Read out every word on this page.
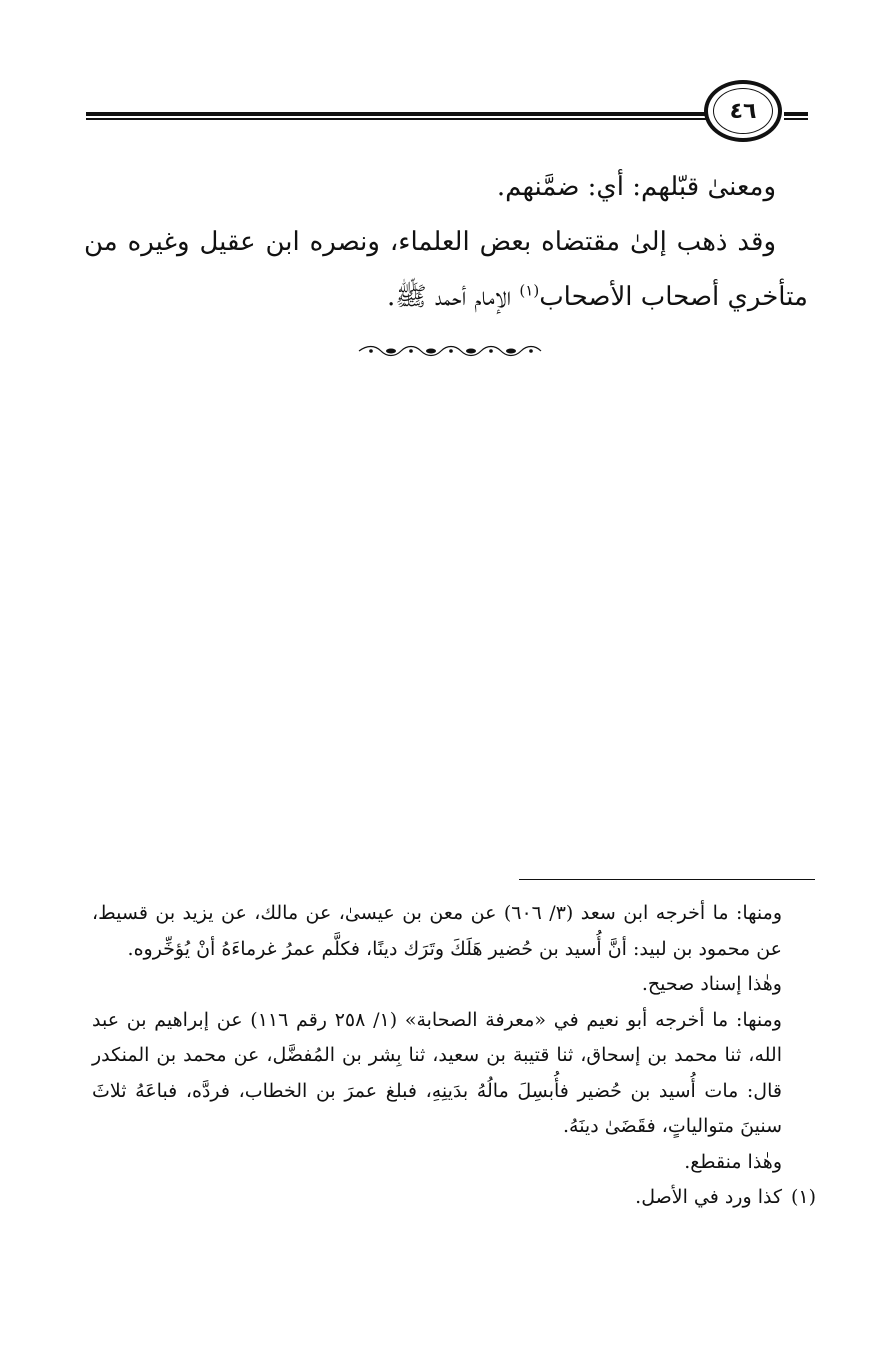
٤٦

ومعنىٰ قبّلهم: أي: ضمَّنهم.

وقد ذهب إلىٰ مقتضاه بعض العلماء، ونصره ابن عقيل وغيره من متأخري أصحاب الأصحاب$^{(١)}$ الإمام أحمد ﷺ.

ومنها: ما أخرجه ابن سعد (٣/ ٦٠٦) عن معن بن عيسىٰ، عن مالك، عن يزيد بن قسيط، عن محمود بن لبيد: أنَّ أُسيد بن حُضير هَلَكَ وتَرَك دينًا، فكلَّم عمرُ غرماءَهُ أنْ يُؤخِّروه.

وهٰذا إسناد صحيح.

ومنها: ما أخرجه أبو نعيم في «معرفة الصحابة» (١/ ٢٥٨ رقم ١١٦) عن إبراهيم بن عبد الله، ثنا محمد بن إسحاق، ثنا قتيبة بن سعيد، ثنا بِشر بن المُفضَّل، عن محمد بن المنكدر قال: مات أُسيد بن حُضير فأُبسِلَ مالُهُ بدَينِهِ، فبلغ عمرَ بن الخطاب، فردَّه، فباعَهُ ثلاثَ سنينَ متوالياتٍ، فقَضَىٰ دينَهُ.

وهٰذا منقطع.

(١)
كذا ورد في الأصل.
